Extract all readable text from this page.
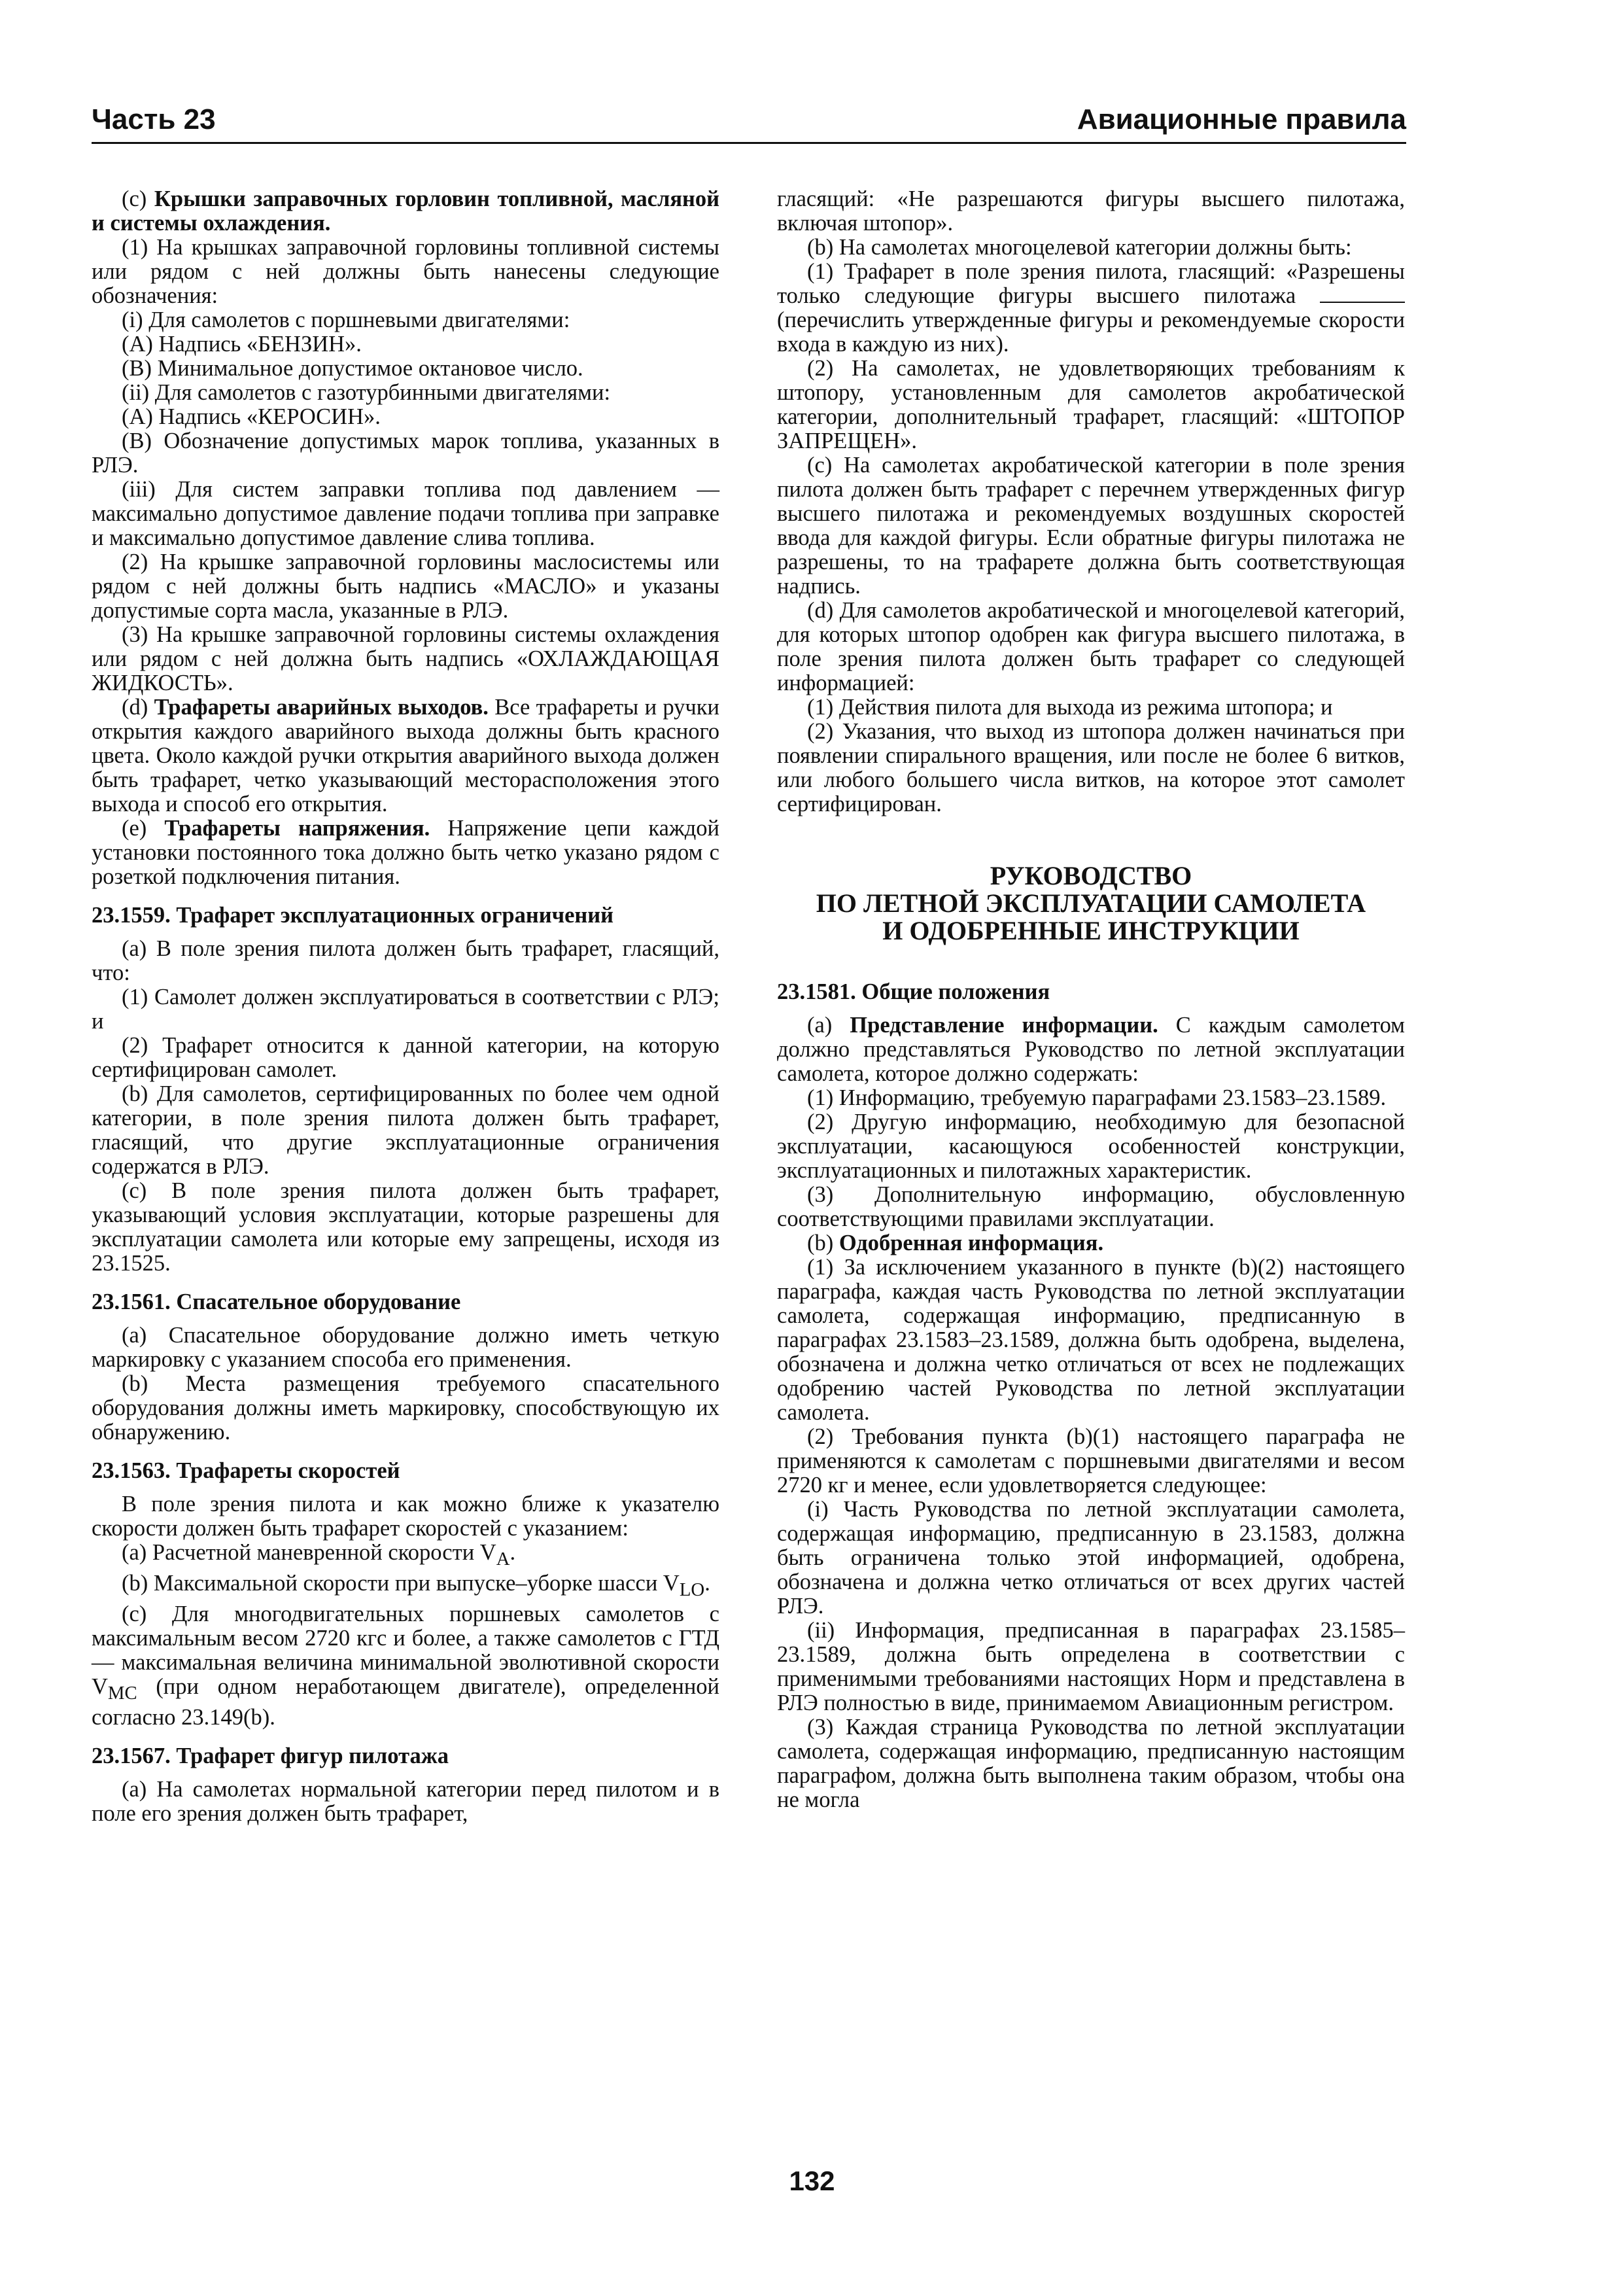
Часть 23	Авиационные правила

(c) Крышки заправочных горловин топливной, масляной и системы охлаждения.

(1) На крышках заправочной горловины топливной системы или рядом с ней должны быть нанесены следующие обозначения:

(i) Для самолетов с поршневыми двигателями:

(A) Надпись «БЕНЗИН».

(B) Минимальное допустимое октановое число.

(ii) Для самолетов с газотурбинными двигателями:

(A) Надпись «КЕРОСИН».

(B) Обозначение допустимых марок топлива, указанных в РЛЭ.

(iii) Для систем заправки топлива под давлением — максимально допустимое давление подачи топлива при заправке и максимально допустимое давление слива топлива.

(2) На крышке заправочной горловины маслосистемы или рядом с ней должны быть надпись «МАСЛО» и указаны допустимые сорта масла, указанные в РЛЭ.

(3) На крышке заправочной горловины системы охлаждения или рядом с ней должна быть надпись «ОХЛАЖДАЮЩАЯ ЖИДКОСТЬ».

(d) Трафареты аварийных выходов. Все трафареты и ручки открытия каждого аварийного выхода должны быть красного цвета. Около каждой ручки открытия аварийного выхода должен быть трафарет, четко указывающий месторасположения этого выхода и способ его открытия.

(e) Трафареты напряжения. Напряжение цепи каждой установки постоянного тока должно быть четко указано рядом с розеткой подключения питания.

23.1559. Трафарет эксплуатационных ограничений

(a) В поле зрения пилота должен быть трафарет, гласящий, что:

(1) Самолет должен эксплуатироваться в соответствии с РЛЭ; и

(2) Трафарет относится к данной категории, на которую сертифицирован самолет.

(b) Для самолетов, сертифицированных по более чем одной категории, в поле зрения пилота должен быть трафарет, гласящий, что другие эксплуатационные ограничения содержатся в РЛЭ.

(c) В поле зрения пилота должен быть трафарет, указывающий условия эксплуатации, которые разрешены для эксплуатации самолета или которые ему запрещены, исходя из 23.1525.

23.1561. Спасательное оборудование

(a) Спасательное оборудование должно иметь четкую маркировку с указанием способа его применения.

(b) Места размещения требуемого спасательного оборудования должны иметь маркировку, способствующую их обнаружению.

23.1563. Трафареты скоростей

В поле зрения пилота и как можно ближе к указателю скорости должен быть трафарет скоростей с указанием:

(a) Расчетной маневренной скорости $V_A$.

(b) Максимальной скорости при выпуске–уборке шасси $V_{LO}$.

(c) Для многодвигательных поршневых самолетов с максимальным весом 2720 кгс и более, а также самолетов с ГТД — максимальная величина минимальной эволютивной скорости $V_{MC}$ (при одном неработающем двигателе), определенной согласно 23.149(b).

23.1567. Трафарет фигур пилотажа

(a) На самолетах нормальной категории перед пилотом и в поле его зрения должен быть трафарет,

гласящий: «Не разрешаются фигуры высшего пилотажа, включая штопор».

(b) На самолетах многоцелевой категории должны быть:

(1) Трафарет в поле зрения пилота, гласящий: «Разрешены только следующие фигуры высшего пилотажа (перечислить утвержденные фигуры и рекомендуемые скорости входа в каждую из них).

(2) На самолетах, не удовлетворяющих требованиям к штопору, установленным для самолетов акробатической категории, дополнительный трафарет, гласящий: «ШТОПОР ЗАПРЕЩЕН».

(c) На самолетах акробатической категории в поле зрения пилота должен быть трафарет с перечнем утвержденных фигур высшего пилотажа и рекомендуемых воздушных скоростей ввода для каждой фигуры. Если обратные фигуры пилотажа не разрешены, то на трафарете должна быть соответствующая надпись.

(d) Для самолетов акробатической и многоцелевой категорий, для которых штопор одобрен как фигура высшего пилотажа, в поле зрения пилота должен быть трафарет со следующей информацией:

(1) Действия пилота для выхода из режима штопора; и

(2) Указания, что выход из штопора должен начинаться при появлении спирального вращения, или после не более 6 витков, или любого большего числа витков, на которое этот самолет сертифицирован.

РУКОВОДСТВО
ПО ЛЕТНОЙ ЭКСПЛУАТАЦИИ САМОЛЕТА
И ОДОБРЕННЫЕ ИНСТРУКЦИИ
23.1581. Общие положения

(a) Представление информации. С каждым самолетом должно представляться Руководство по летной эксплуатации самолета, которое должно содержать:

(1) Информацию, требуемую параграфами 23.1583–23.1589.

(2) Другую информацию, необходимую для безопасной эксплуатации, касающуюся особенностей конструкции, эксплуатационных и пилотажных характеристик.

(3) Дополнительную информацию, обусловленную соответствующими правилами эксплуатации.

(b) Одобренная информация.

(1) За исключением указанного в пункте (b)(2) настоящего параграфа, каждая часть Руководства по летной эксплуатации самолета, содержащая информацию, предписанную в параграфах 23.1583–23.1589, должна быть одобрена, выделена, обозначена и должна четко отличаться от всех не подлежащих одобрению частей Руководства по летной эксплуатации самолета.

(2) Требования пункта (b)(1) настоящего параграфа не применяются к самолетам с поршневыми двигателями и весом 2720 кг и менее, если удовлетворяется следующее:

(i) Часть Руководства по летной эксплуатации самолета, содержащая информацию, предписанную в 23.1583, должна быть ограничена только этой информацией, одобрена, обозначена и должна четко отличаться от всех других частей РЛЭ.

(ii) Информация, предписанная в параграфах 23.1585–23.1589, должна быть определена в соответствии с применимыми требованиями настоящих Норм и представлена в РЛЭ полностью в виде, принимаемом Авиационным регистром.

(3) Каждая страница Руководства по летной эксплуатации самолета, содержащая информацию, предписанную настоящим параграфом, должна быть выполнена таким образом, чтобы она не могла

132
